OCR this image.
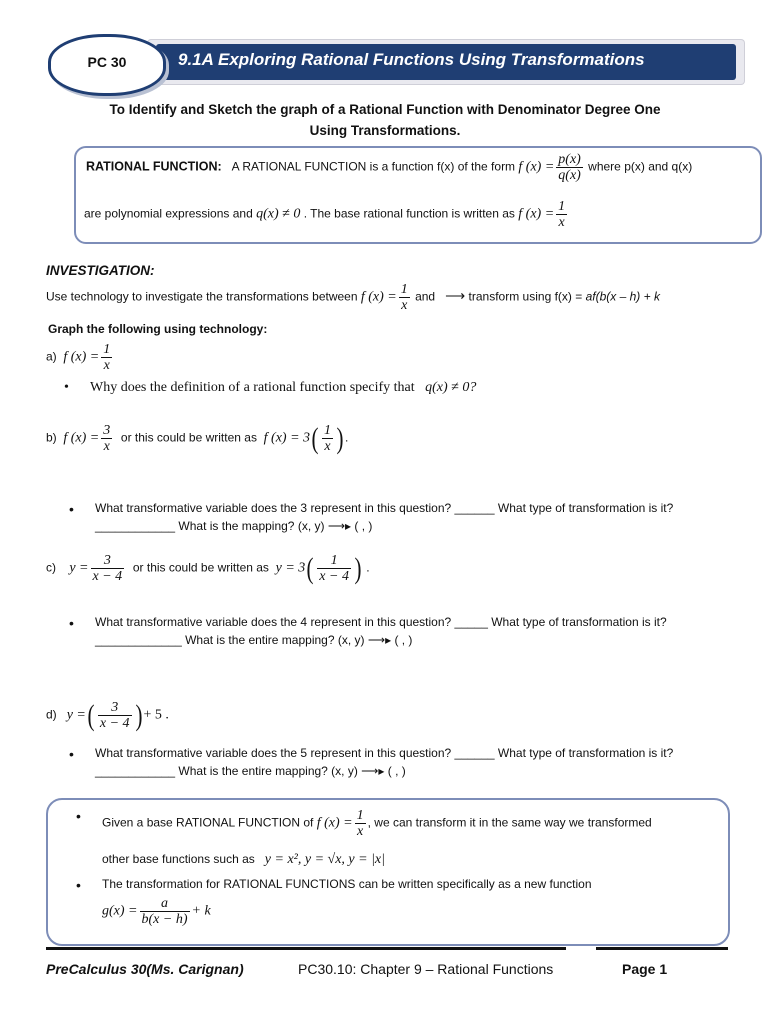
9.1A Exploring Rational Functions Using Transformations
PC 30
To Identify and Sketch the graph of a Rational Function with Denominator Degree One
Using Transformations.
RATIONAL FUNCTION: A RATIONAL FUNCTION is a function f(x) of the form f $(x) = \frac{p(x)}{q(x)}$ where p(x) and q(x)
are polynomial expressions and q(x) ≠ 0 . The base rational function is written as f $(x) = \frac{1}{x}$
INVESTIGATION:
Use technology to investigate the transformations between f $(x) = \frac{1}{x}$ and ⟶ transform using f(x) = af(b(x – h) + k
Graph the following using technology:
a) f $(x) = \frac{1}{x}$
• Why does the definition of a rational function specify that q(x) ≠ 0?
b) f $(x) = \frac{3}{x}$ or this could be written as f $(x) = 3( \frac{1}{x}$ ) .
• What transformative variable does the 3 represent in this question? ______ What type of transformation is it?
____________ What is the mapping? (x, y) ⟶▸ ( , )
c) $y = \frac{3}{x - 4}$ or this could be written as $y = 3( \frac{1}{x - 4}$ ) .
• What transformative variable does the 4 represent in this question? _____ What type of transformation is it?
_____________ What is the entire mapping? (x, y) ⟶▸ ( , )
d) y =( $\frac{3}{x - 4}$ ) + 5 .
• What transformative variable does the 5 represent in this question? ______ What type of transformation is it?
____________ What is the entire mapping? (x, y) ⟶▸ ( , )
• Given a base RATIONAL FUNCTION of f $(x) = \frac{1}{x}$ , we can transform it in the same way we transformed
other base functions such as y = x², y = √x, y = |x|
• The transformation for RATIONAL FUNCTIONS can be written specifically as a new function
$g(x) = \frac{a}{b(x - h)} + k$
PreCalculus 30(Ms. Carignan)	PC30.10: Chapter 9 – Rational Functions	Page 1
